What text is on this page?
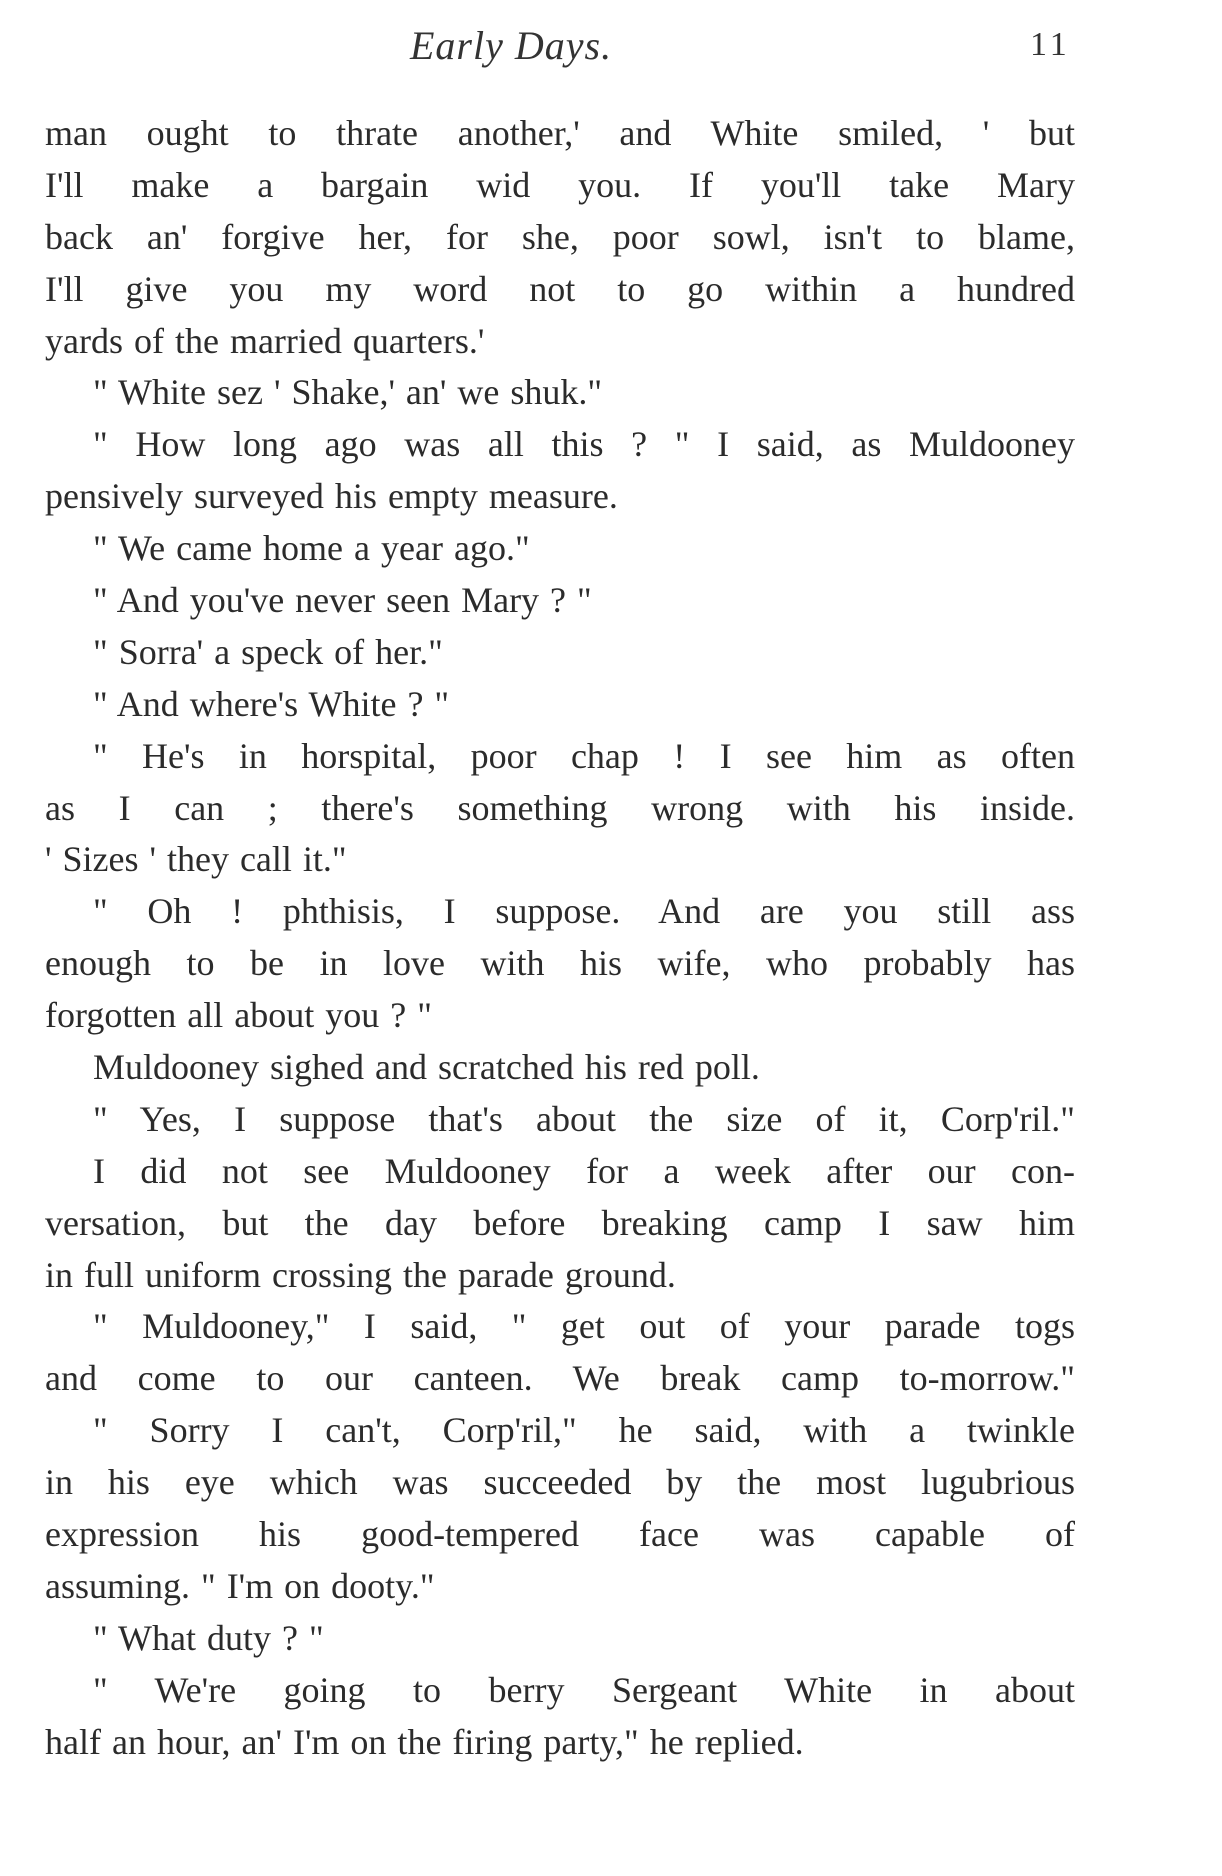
Early Days.	11
man ought to thrate another,' and White smiled, ' but
I'll make a bargain wid you. If you'll take Mary
back an' forgive her, for she, poor sowl, isn't to blame,
I'll give you my word not to go within a hundred
yards of the married quarters.'
" White sez ' Shake,' an' we shuk."
" How long ago was all this ? " I said, as Muldooney
pensively surveyed his empty measure.
" We came home a year ago."
" And you've never seen Mary ? "
" Sorra' a speck of her."
" And where's White ? "
" He's in horspital, poor chap ! I see him as often
as I can ; there's something wrong with his inside.
' Sizes ' they call it."
" Oh ! phthisis, I suppose. And are you still ass
enough to be in love with his wife, who probably has
forgotten all about you ? "
Muldooney sighed and scratched his red poll.
" Yes, I suppose that's about the size of it, Corp'ril."
I did not see Muldooney for a week after our con-
versation, but the day before breaking camp I saw him
in full uniform crossing the parade ground.
" Muldooney," I said, " get out of your parade togs
and come to our canteen. We break camp to-morrow."
" Sorry I can't, Corp'ril," he said, with a twinkle
in his eye which was succeeded by the most lugubrious
expression his good-tempered face was capable of
assuming. " I'm on dooty."
" What duty ? "
" We're going to berry Sergeant White in about
half an hour, an' I'm on the firing party," he replied.
